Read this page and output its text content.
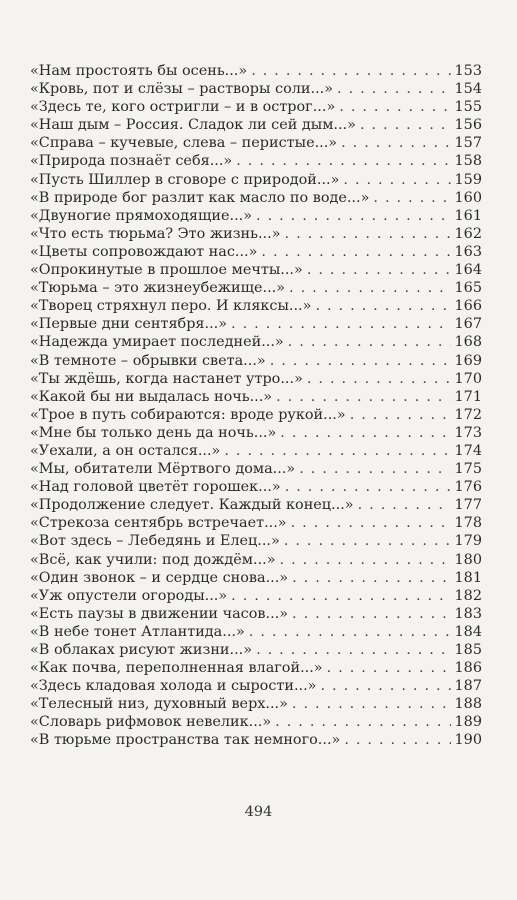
«Нам простоять бы осень...» . . .	153
«Кровь, пот и слёзы – растворы соли...» . . .	154
«Здесь те, кого остригли – и в острог...» . . .	155
«Наш дым – Россия. Сладок ли сей дым...» . . .	156
«Справа – кучевые, слева – перистые...» . . .	157
«Природа познаёт себя...» . . .	158
«Пусть Шиллер в сговоре с природой...» . . .	159
«В природе бог разлит как масло по воде...» . . .	160
«Двуногие прямоходящие...» . . .	161
«Что есть тюрьма? Это жизнь...» . . .	162
«Цветы сопровождают нас...» . . .	163
«Опрокинутые в прошлое мечты...» . . .	164
«Тюрьма – это жизнеубежище...» . . .	165
«Творец стряхнул перо. И кляксы...» . . .	166
«Первые дни сентября...» . . .	167
«Надежда умирает последней...» . . .	168
«В темноте – обрывки света...» . . .	169
«Ты ждёшь, когда настанет утро...» . . .	170
«Какой бы ни выдалась ночь...» . . .	171
«Трое в путь собираются: вроде рукой...» . . .	172
«Мне бы только день да ночь...» . . .	173
«Уехали, а он остался...» . . .	174
«Мы, обитатели Мёртвого дома...» . . .	175
«Над головой цветёт горошек...» . . .	176
«Продолжение следует. Каждый конец...» . . .	177
«Стрекоза сентябрь встречает...» . . .	178
«Вот здесь – Лебедянь и Елец...» . . .	179
«Всё, как учили: под дождём...» . . .	180
«Один звонок – и сердце снова...» . . .	181
«Уж опустели огороды...» . . .	182
«Есть паузы в движении часов...» . . .	183
«В небе тонет Атлантида...» . . .	184
«В облаках рисуют жизни...» . . .	185
«Как почва, переполненная влагой...» . . .	186
«Здесь кладовая холода и сырости...» . . .	187
«Телесный низ, духовный верх...» . . .	188
«Словарь рифмовок невелик...» . . .	189
«В тюрьме пространства так немного...» . . .	190
494
